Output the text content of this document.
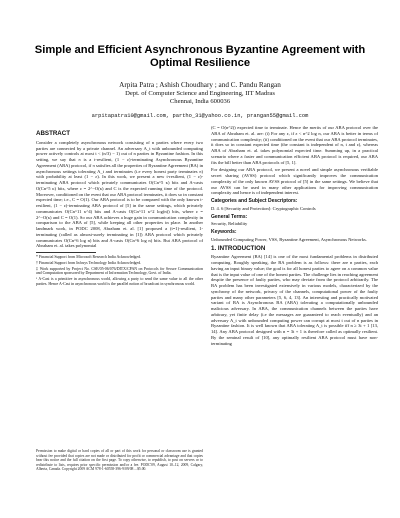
Simple and Efficient Asynchronous Byzantine Agreement with Optimal Resilience
Arpita Patra ; Ashish Choudhary ; and C. Pandu Rangan
Dept. of Computer Science and Engineering, IIT Madras
Chennai, India 600036
arpitapatra10@gmail.com, partho_31@yahoo.co.in, prangan55@gmail.com
ABSTRACT

Consider a completely asynchronous network consisting of n parties where every two parties are connected by a private channel. An adversary A_t with unbounded computing power actively controls at most t < (n/3) − 1) out of n parties in Byzantine fashion. In this setting, we say that π is a t-resilient, (1 − ε)-terminating Asynchronous Byzantine Agreement (ABA) protocol, if π satisfies all the properties of Byzantine Agreement (BA) in asynchronous settings tolerating A_t and terminates (i.e every honest party terminates π) with probability at least (1 − ε). In this work, we present a new t-resilient, (1 − ε)-terminating ABA protocol which privately communicates O(Cn^5 κ) bits and A-casts O(Cn^5 κ) bits, where ε = 2^−O(κ) and C is the expected running time of the protocol. Moreover, conditioned on the event that our ABA protocol terminates, it does so in constant expected time; i.e., C = O(1). Our ABA protocol is to be compared with the only known t-resilient, (1 − ε)-terminating ABA protocol of [5] in the same settings, which privately communicates O(Cn^11 κ^4) bits and A-casts O(Cn^11 κ^2 log(n)) bits, where ε = 2^−O(κ) and C = O(1). So our ABA achieves a huge gain in communication complexity in comparison to the ABA of [5], while keeping all other properties in place. In another landmark work, in PODC 2008, Abraham et. al. [1] proposed a (t=1)-resilient, 1-terminating (called as almost-surely terminating in [1]) ABA protocol which privately communicates O(Cn^6 log n) bits and A-casts O(Cn^6 log n) bits. But ABA protocol of Abraham et. al. takes polynomial

* Financial Support from Microsoft Research India Acknowledged.
† Financial Support from Infosys Technology India Acknowledged.
‡ Work supported by Project No. CSE/05-06/076/DITX/CPAN on Protocols for Secure Communication and Computation sponsored by Department of Information Technology, Govt. of India.
¹ A-Cast is a primitive in asynchronous world, allowing a party to send the same value to all the other parties. Hence A-Cast in asynchronous world is the parallel notion of broadcast in synchronous world.
Permission to make digital or hard copies of all or part of this work for personal or classroom use is granted without fee provided that copies are not made or distributed for profit or commercial advantage and that copies bear this notice and the full citation on the first page. To copy otherwise, to republish, to post on servers or to redistribute to lists, requires prior specific permission and/or a fee. PODC'09, August 10–12, 2009, Calgary, Alberta, Canada. Copyright 2009 ACM 978-1-60558-396-9/09/08 ...$5.00.

(C = O(n^2)) expected time to terminate. Hence the merits of our ABA protocol over the ABA of Abraham et. al. are: (i) For any ε, if ε < n^2 log n, our ABA is better in terms of communication complexity; (ii) conditioned on the event that our ABA protocol terminates, it does so in constant expected time (the constant is independent of n, t and ε), whereas ABA of Abraham et. al. takes polynomial expected time. Summing up, in a practical scenario where a faster and communication efficient ABA protocol is required, our ABA fits the bill better than ABA protocols of [5, 1].

For designing our ABA protocol, we present a novel and simple asynchronous verifiable secret sharing (AVSS) protocol which significantly improves the communication complexity of the only known AVSS protocol of [5] in the same settings. We believe that our AVSS can be used in many other applications for improving communication complexity and hence is of independent interest.

Categories and Subject Descriptors:

D. 4. 6 [Security and Protection]: Cryptographic Controls

General Terms:

Security, Reliability

Keywords:

Unbounded Computing Power, VSS, Byzantine Agreement, Asynchronous Networks.

1. INTRODUCTION

Byzantine Agreement (BA) [14] is one of the most fundamental problems in distributed computing. Roughly speaking, the BA problem is as follows: there are n parties, each having an input binary value; the goal is for all honest parties to agree on a common value that is the input value of one of the honest parties. The challenge lies in reaching agreement despite the presence of faulty parties, who may deviate from the protocol arbitrarily. The BA problem has been investigated extensively in various models, characterized by the synchrony of the network, privacy of the channels, computational power of the faulty parties and many other parameters [5, 6, 4, 13]. An interesting and practically motivated variant of BA is Asynchronous BA (ABA) tolerating a computationally unbounded malicious adversary. In ABA, the communication channels between the parties have arbitrary, yet finite delay (i.e the messages are guaranteed to reach eventually) and an adversary A_t with unbounded computing power can corrupt at most t out of n parties in Byzantine fashion. It is well known that ABA tolerating A_t is possible iff n ≥ 3t + 1 [13, 14]. Any ABA protocol designed with n = 3t + 1 is therefore called as optimally resilient. By the seminal result of [10], any optimally resilient ABA protocol must have non-terminating
